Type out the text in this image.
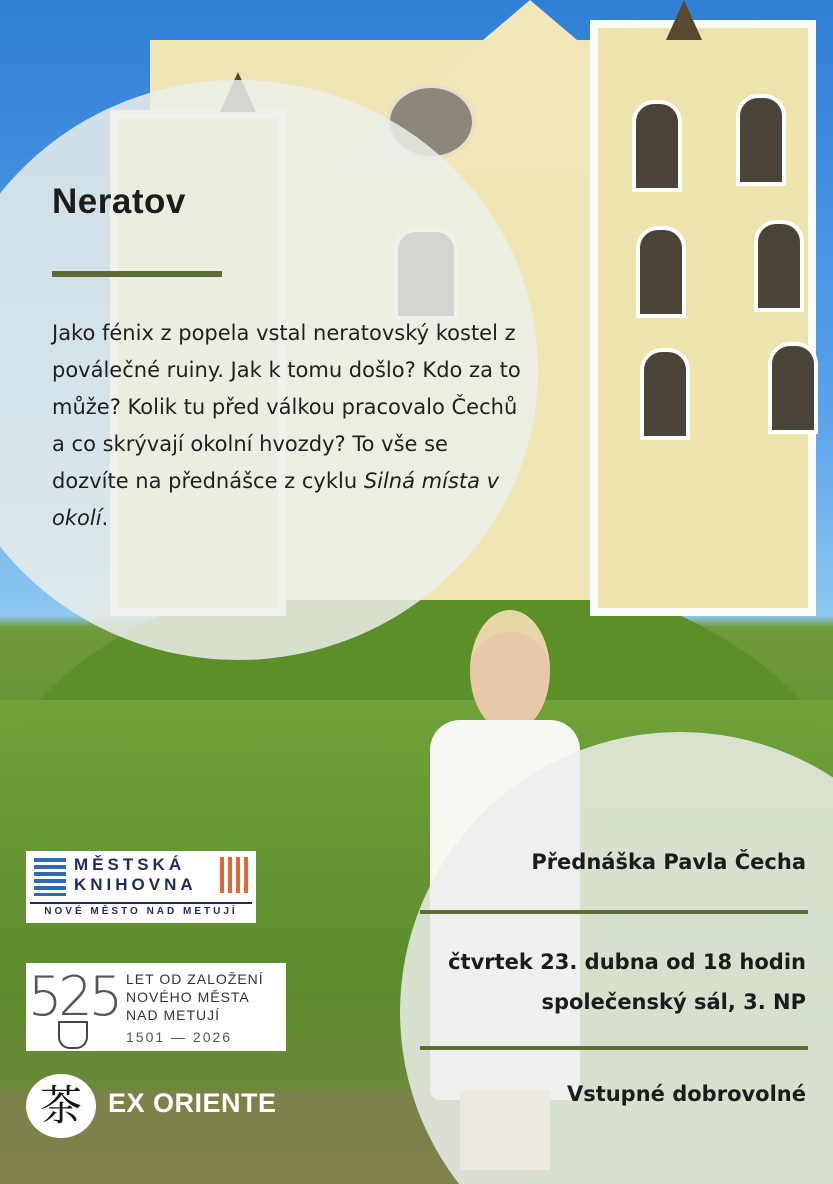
Neratov

Jako fénix z popela vstal neratovský kostel z poválečné ruiny. Jak k tomu došlo? Kdo za to může? Kolik tu před válkou pracovalo Čechů a co skrývají okolní hvozdy? To vše se dozvíte na přednášce z cyklu Silná místa v okolí.

Přednáška Pavla Čecha

čtvrtek 23. dubna od 18 hodin

společenský sál, 3. NP

Vstupné dobrovolné

MĚSTSKÁ
KNIHOVNA
NOVÉ MĚSTO NAD METUJÍ
525 LET OD ZALOŽENÍ
NOVÉHO MĚSTA
NAD METUJÍ
1501 — 2026
茶 EX ORIENTE
